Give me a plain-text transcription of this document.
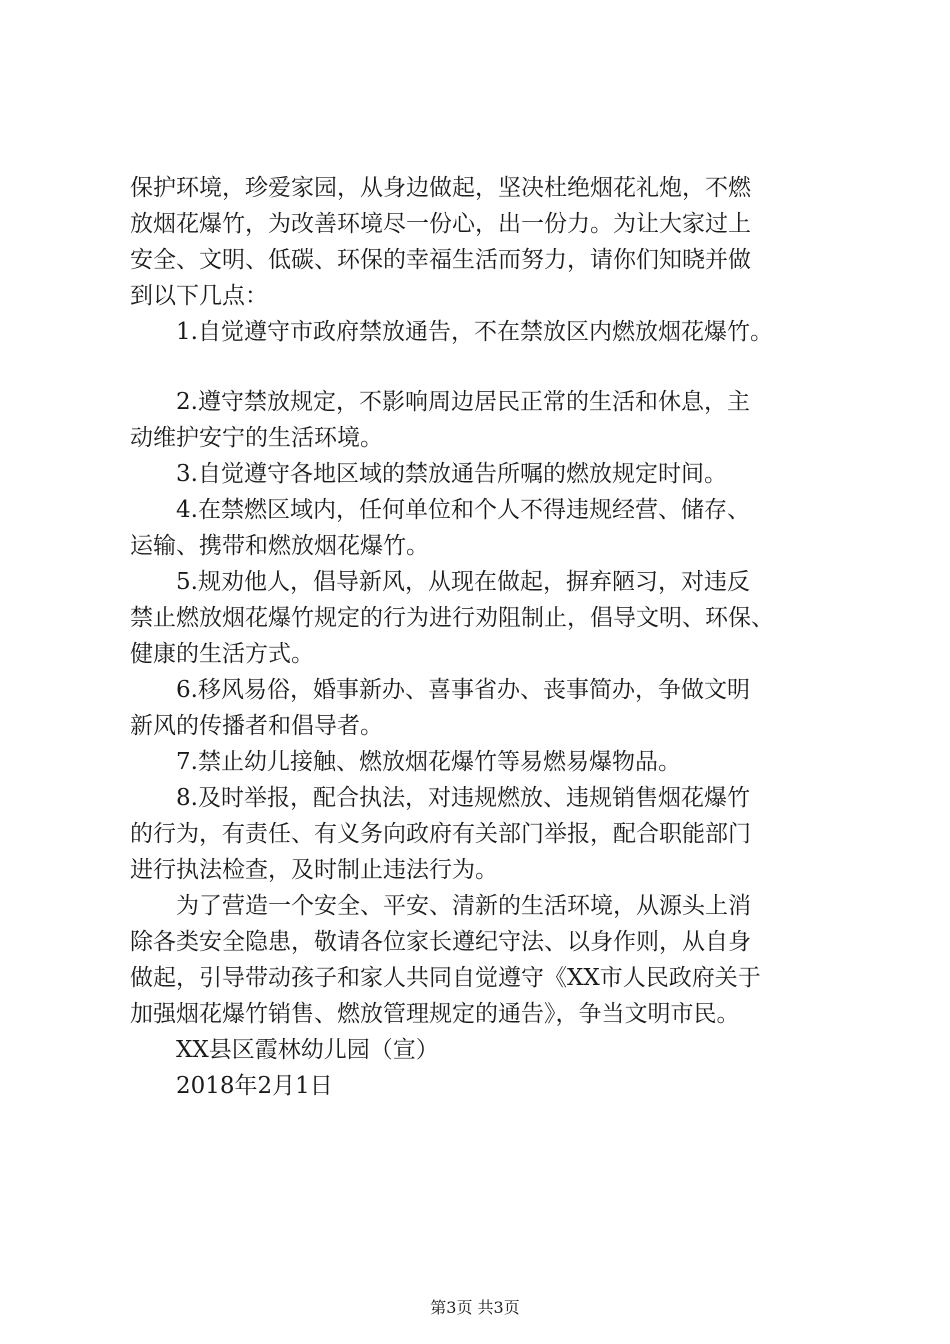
保护环境，珍爱家园，从身边做起，坚决杜绝烟花礼炮，不燃
放烟花爆竹，为改善环境尽一份心，出一份力。为让大家过上
安全、文明、低碳、环保的幸福生活而努力，请你们知晓并做
到以下几点：
　　1.自觉遵守市政府禁放通告，不在禁放区内燃放烟花爆竹。
　　2.遵守禁放规定，不影响周边居民正常的生活和休息，主
动维护安宁的生活环境。
　　3.自觉遵守各地区域的禁放通告所嘱的燃放规定时间。
　　4.在禁燃区域内，任何单位和个人不得违规经营、储存、
运输、携带和燃放烟花爆竹。
　　5.规劝他人，倡导新风，从现在做起，摒弃陋习，对违反
禁止燃放烟花爆竹规定的行为进行劝阻制止，倡导文明、环保、
健康的生活方式。
　　6.移风易俗，婚事新办、喜事省办、丧事简办，争做文明
新风的传播者和倡导者。
　　7.禁止幼儿接触、燃放烟花爆竹等易燃易爆物品。
　　8.及时举报，配合执法，对违规燃放、违规销售烟花爆竹
的行为，有责任、有义务向政府有关部门举报，配合职能部门
进行执法检查，及时制止违法行为。
　　为了营造一个安全、平安、清新的生活环境，从源头上消
除各类安全隐患，敬请各位家长遵纪守法、以身作则，从自身
做起，引导带动孩子和家人共同自觉遵守《XX市人民政府关于
加强烟花爆竹销售、燃放管理规定的通告》，争当文明市民。
　　XX县区霞林幼儿园（宣）
　　2018年2月1日
第3页 共3页
